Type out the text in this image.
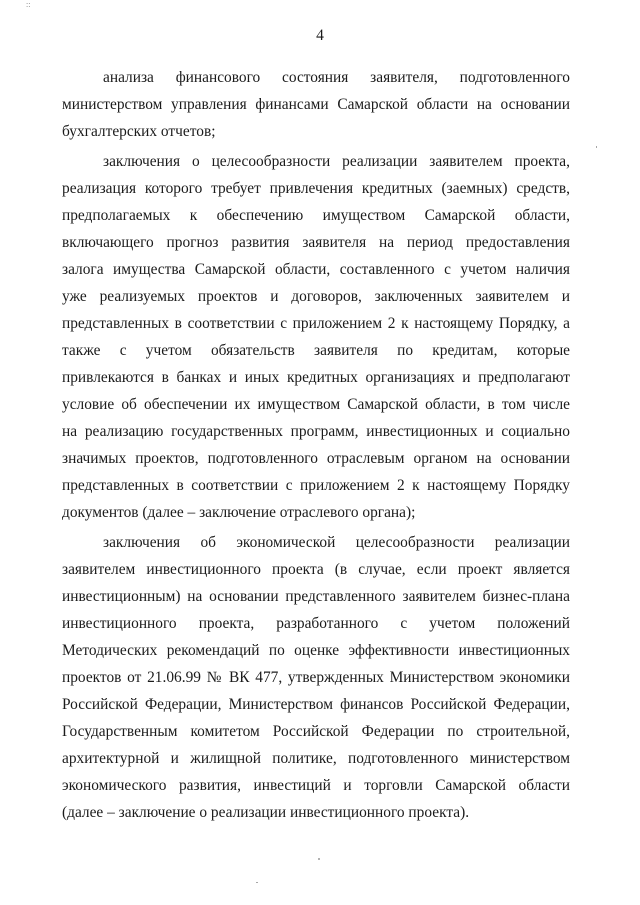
::
4
анализа финансового состояния заявителя, подготовленного
министерством управления финансами Самарской области на основании
бухгалтерских отчетов;
заключения о целесообразности реализации заявителем проекта,
реализация которого требует привлечения кредитных (заемных) средств,
предполагаемых к обеспечению имуществом Самарской области,
включающего прогноз развития заявителя на период предоставления
залога имущества Самарской области, составленного с учетом наличия
уже реализуемых проектов и договоров, заключенных заявителем и
представленных в соответствии с приложением 2 к настоящему Порядку, а
также с учетом обязательств заявителя по кредитам, которые
привлекаются в банках и иных кредитных организациях и предполагают
условие об обеспечении их имуществом Самарской области, в том числе
на реализацию государственных программ, инвестиционных и социально
значимых проектов, подготовленного отраслевым органом на основании
представленных в соответствии с приложением 2 к настоящему Порядку
документов (далее – заключение отраслевого органа);
заключения об экономической целесообразности реализации
заявителем инвестиционного проекта (в случае, если проект является
инвестиционным) на основании представленного заявителем бизнес-плана
инвестиционного проекта, разработанного с учетом положений
Методических рекомендаций по оценке эффективности инвестиционных
проектов от 21.06.99 № ВК 477, утвержденных Министерством экономики
Российской Федерации, Министерством финансов Российской Федерации,
Государственным комитетом Российской Федерации по строительной,
архитектурной и жилищной политике, подготовленного министерством
экономического развития, инвестиций и торговли Самарской области
(далее – заключение о реализации инвестиционного проекта).
